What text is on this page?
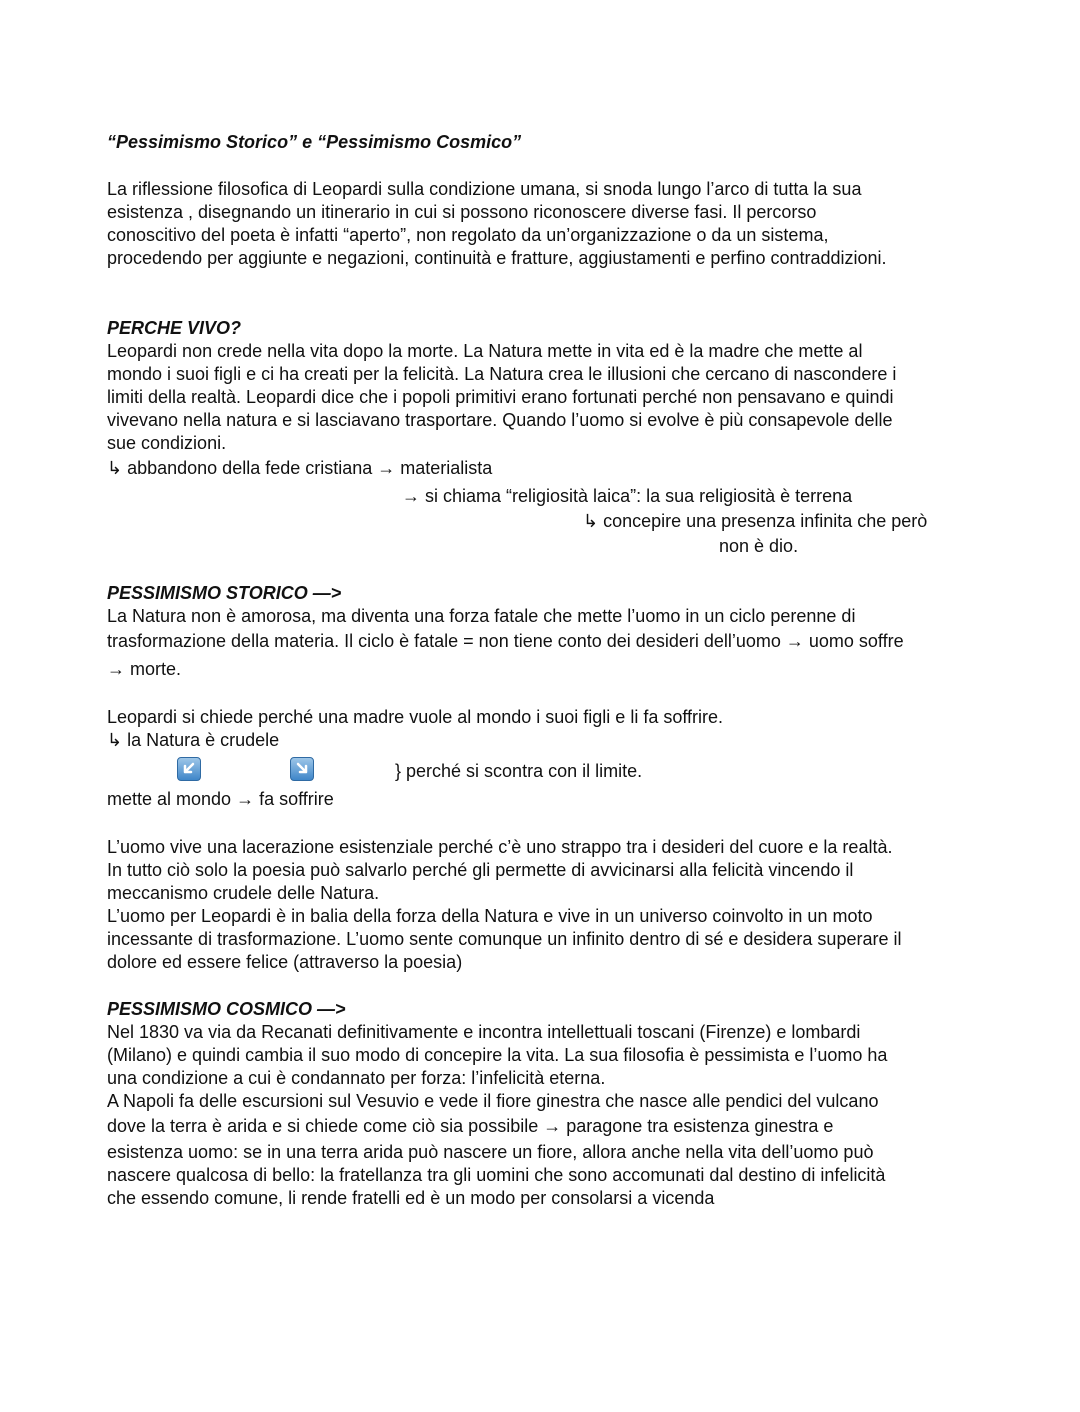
“Pessimismo Storico” e “Pessimismo Cosmico”
La riflessione filosofica di Leopardi sulla condizione umana, si snoda lungo l’arco di tutta la sua
esistenza , disegnando un itinerario in cui si possono riconoscere diverse fasi. Il percorso
conoscitivo del poeta è infatti “aperto”, non regolato da un’organizzazione o da un sistema,
procedendo per aggiunte e negazioni, continuità e fratture, aggiustamenti e perfino contraddizioni.
PERCHE VIVO?
Leopardi non crede nella vita dopo la morte. La Natura mette in vita ed è la madre che mette al
mondo i suoi figli e ci ha creati per la felicità. La Natura crea le illusioni che cercano di nascondere i
limiti della realtà. Leopardi dice che i popoli primitivi erano fortunati perché non pensavano e quindi
vivevano nella natura e si lasciavano trasportare. Quando l’uomo si evolve è più consapevole delle
sue condizioni.
↳ abbandono della fede cristiana → materialista
→ si chiama “religiosità laica”: la sua religiosità è terrena
↳ concepire una presenza infinita che però
non è dio.
PESSIMISMO STORICO —>
La Natura non è amorosa, ma diventa una forza fatale che mette l’uomo in un ciclo perenne di
trasformazione della materia. Il ciclo è fatale = non tiene conto dei desideri dell’uomo → uomo soffre
→ morte.
Leopardi si chiede perché una madre vuole al mondo i suoi figli e li fa soffrire.
↳ la Natura è crudele
} perché si scontra con il limite.
mette al mondo → fa soffrire
L’uomo vive una lacerazione esistenziale perché c’è uno strappo tra i desideri del cuore e la realtà.
In tutto ciò solo la poesia può salvarlo perché gli permette di avvicinarsi alla felicità vincendo il
meccanismo crudele delle Natura.
L’uomo per Leopardi è in balia della forza della Natura e vive in un universo coinvolto in un moto
incessante di trasformazione. L’uomo sente comunque un infinito dentro di sé e desidera superare il
dolore ed essere felice (attraverso la poesia)
PESSIMISMO COSMICO —>
Nel 1830 va via da Recanati definitivamente e incontra intellettuali toscani (Firenze) e lombardi
(Milano) e quindi cambia il suo modo di concepire la vita. La sua filosofia è pessimista e l’uomo ha
una condizione a cui è condannato per forza: l’infelicità eterna.
A Napoli fa delle escursioni sul Vesuvio e vede il fiore ginestra che nasce alle pendici del vulcano
dove la terra è arida e si chiede come ciò sia possibile → paragone tra esistenza ginestra e
esistenza uomo: se in una terra arida può nascere un fiore, allora anche nella vita dell’uomo può
nascere qualcosa di bello: la fratellanza tra gli uomini che sono accomunati dal destino di infelicità
che essendo comune, li rende fratelli ed è un modo per consolarsi a vicenda
